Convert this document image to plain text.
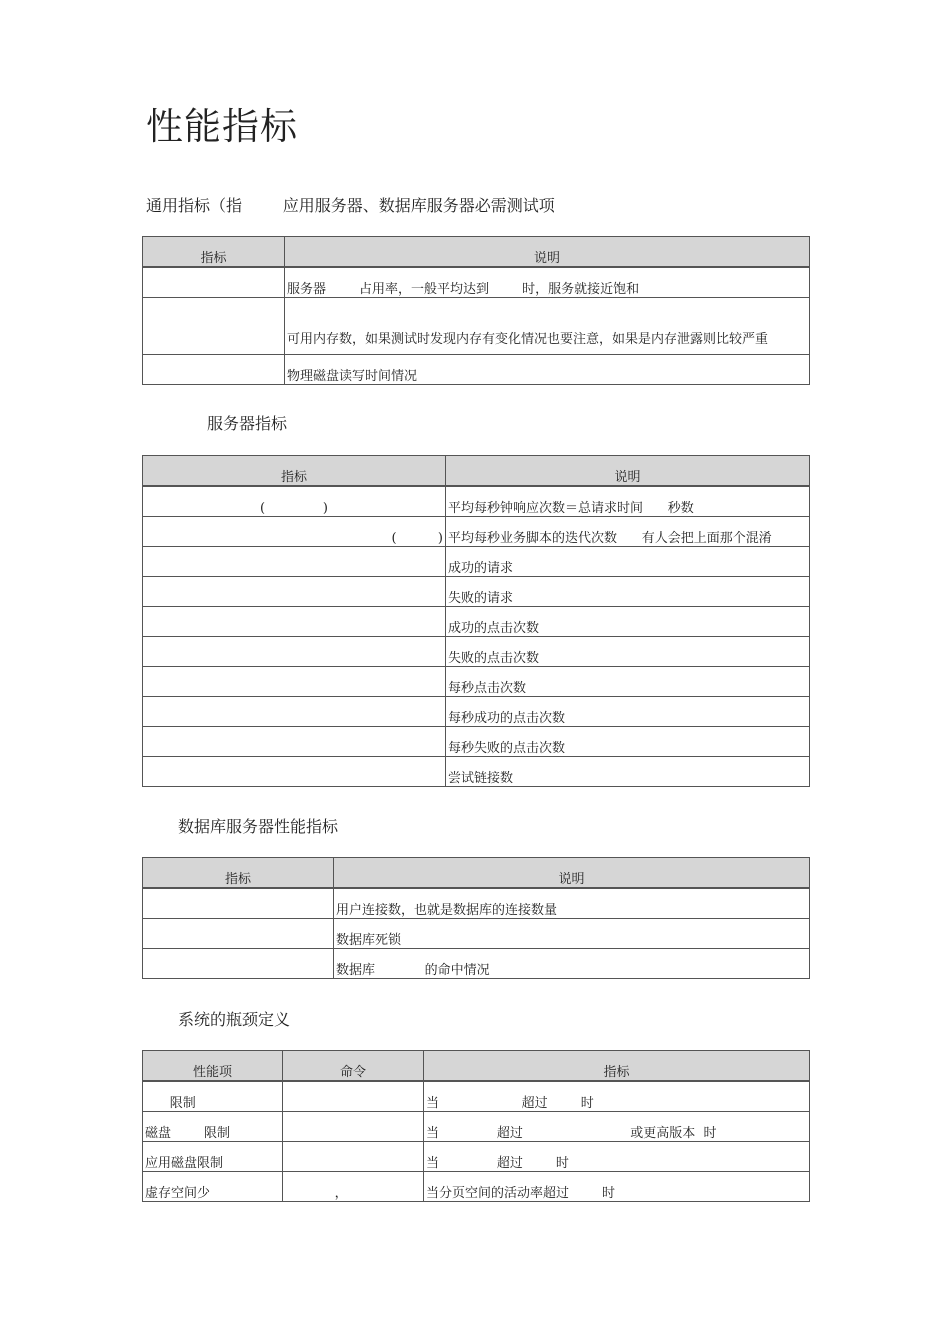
性能指标

通用指标（指        应用服务器、数据库服务器必需测试项

指标	说明
	服务器        占用率，一般平均达到        时，服务就接近饱和
	可用内存数，如果测试时发现内存有变化情况也要注意，如果是内存泄露则比较严重
	物理磁盘读写时间情况

服务器指标

指标	说明
(              )	平均每秒钟响应次数＝总请求时间      秒数
(          )	平均每秒业务脚本的迭代次数      有人会把上面那个混淆
	成功的请求
	失败的请求
	成功的点击次数
	失败的点击次数
	每秒点击次数
	每秒成功的点击次数
	每秒失败的点击次数
	尝试链接数

数据库服务器性能指标

指标	说明
	用户连接数，也就是数据库的连接数量
	数据库死锁
	数据库            的命中情况

系统的瓶颈定义

性能项	命令	指标
限制		当                    超过        时
磁盘        限制		当              超过                          或更高版本  时
应用磁盘限制		当              超过        时
虚存空间少	，	当分页空间的活动率超过        时
